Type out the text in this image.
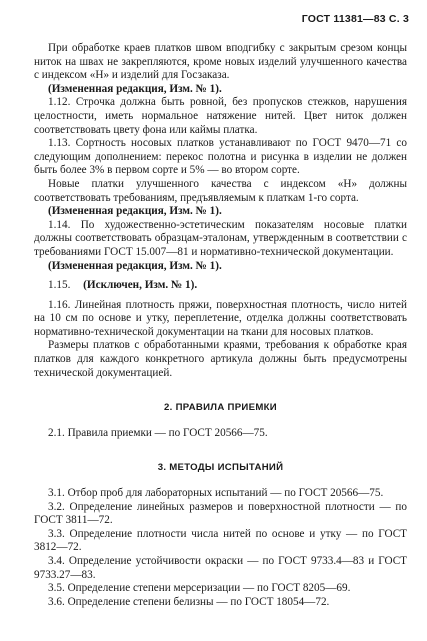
ГОСТ 11381—83 С. 3

При обработке краев платков швом вподгибку с закрытым срезом концы ниток на швах не закрепляются, кроме новых изделий улучшенного качества с индексом «Н» и изделий для Госзаказа.

(Измененная редакция, Изм. № 1).

1.12. Строчка должна быть ровной, без пропусков стежков, нарушения целостности, иметь нормальное натяжение нитей. Цвет ниток должен соответствовать цвету фона или каймы платка.

1.13. Сортность носовых платков устанавливают по ГОСТ 9470—71 со следующим дополнением: перекос полотна и рисунка в изделии не должен быть более 3% в первом сорте и 5% — во втором сорте.

Новые платки улучшенного качества с индексом «Н» должны соответствовать требованиям, предъявляемым к платкам 1-го сорта.

(Измененная редакция, Изм. № 1).

1.14. По художественно-эстетическим показателям носовые платки должны соответствовать образцам-эталонам, утвержденным в соответствии с требованиями ГОСТ 15.007—81 и нормативно-технической документации.

(Измененная редакция, Изм. № 1).

1.15. (Исключен, Изм. № 1).

1.16. Линейная плотность пряжи, поверхностная плотность, число нитей на 10 см по основе и утку, переплетение, отделка должны соответствовать нормативно-технической документации на ткани для носовых платков.

Размеры платков с обработанными краями, требования к обработке края платков для каждого конкретного артикула должны быть предусмотрены технической документацией.

2. ПРАВИЛА ПРИЕМКИ

2.1. Правила приемки — по ГОСТ 20566—75.

3. МЕТОДЫ ИСПЫТАНИЙ

3.1. Отбор проб для лабораторных испытаний — по ГОСТ 20566—75.

3.2. Определение линейных размеров и поверхностной плотности — по ГОСТ 3811—72.

3.3. Определение плотности числа нитей по основе и утку — по ГОСТ 3812—72.

3.4. Определение устойчивости окраски — по ГОСТ 9733.4—83 и ГОСТ 9733.27—83.

3.5. Определение степени мерсеризации — по ГОСТ 8205—69.

3.6. Определение степени белизны — по ГОСТ 18054—72.
